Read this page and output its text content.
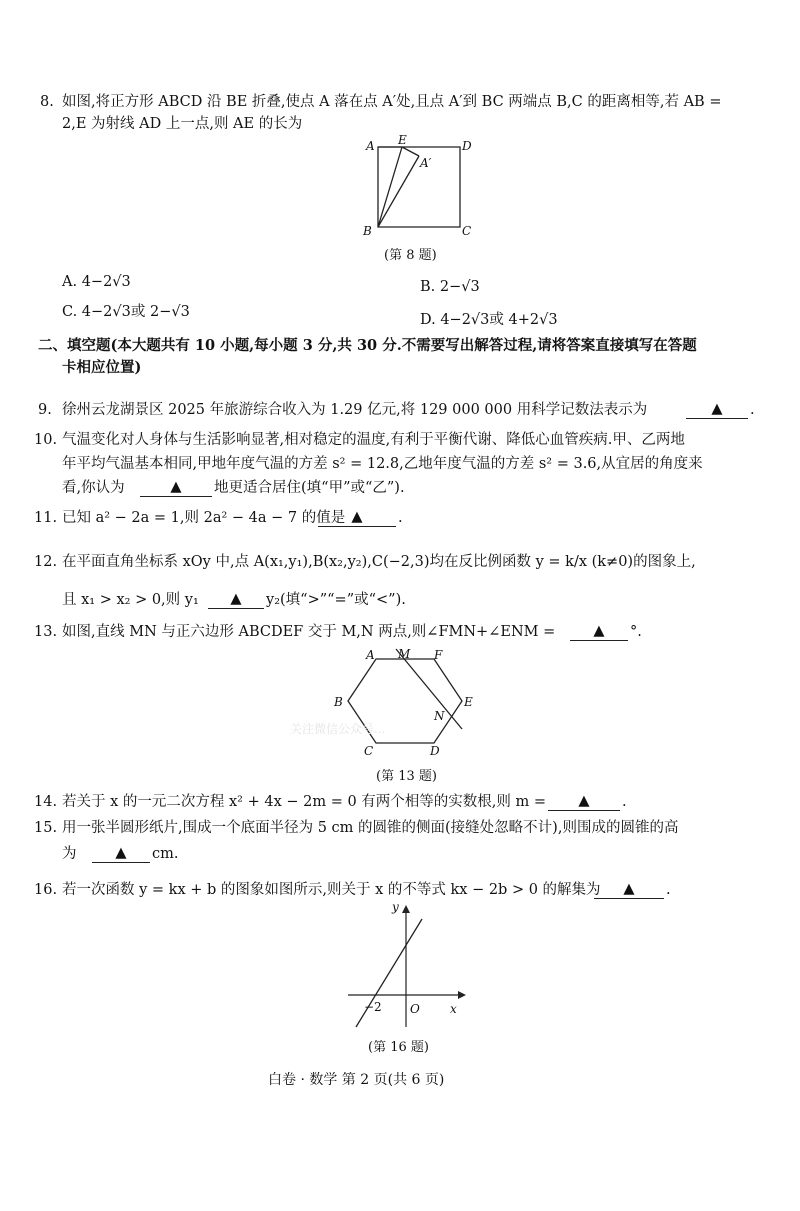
8. 如图,将正方形 ABCD 沿 BE 折叠,使点 A 落在点 A′处,且点 A′到 BC 两端点 B,C 的距离相等,若 AB =
2,E 为射线 AD 上一点,则 AE 的长为
A E	D
A′
B	C
(第 8 题)
A. 4−2√3	B. 2−√3
C. 4−2√3或 2−√3	D. 4−2√3或 4+2√3
二、填空题(本大题共有 10 小题,每小题 3 分,共 30 分.不需要写出解答过程,请将答案直接填写在答题
卡相应位置)
9. 徐州云龙湖景区 2025 年旅游综合收入为 1.29 亿元,将 129 000 000 用科学记数法表示为	▲	.
10. 气温变化对人身体与生活影响显著,相对稳定的温度,有利于平衡代谢、降低心血管疾病.甲、乙两地
年平均气温基本相同,甲地年度气温的方差 s² = 12.8,乙地年度气温的方差 s² = 3.6,从宜居的角度来
看,你认为	▲	地更适合居住(填“甲”或“乙”).
11. 已知 a² − 2a = 1,则 2a² − 4a − 7 的值是 ▲	.
12. 在平面直角坐标系 xOy 中,点 A(x₁,y₁),B(x₂,y₂),C(−2,3)均在反比例函数 y = k/x (k≠0)的图象上,
且 x₁ > x₂ > 0,则 y₁	▲	y₂(填“>”“=”或“<”).
13. 如图,直线 MN 与正六边形 ABCDEF 交于 M,N 两点,则∠FMN+∠ENM =	▲	°.
A M F
B	E
N
C	D
关注微信公众号...
(第 13 题)
14. 若关于 x 的一元二次方程 x² + 4x − 2m = 0 有两个相等的实数根,则 m =	▲	.
15. 用一张半圆形纸片,围成一个底面半径为 5 cm 的圆锥的侧面(接缝处忽略不计),则围成的圆锥的高
为	▲	cm.
16. 若一次函数 y = kx + b 的图象如图所示,则关于 x 的不等式 kx − 2b > 0 的解集为	▲	.
y
x
O
−2
(第 16 题)
白卷 · 数学 第 2 页(共 6 页)
